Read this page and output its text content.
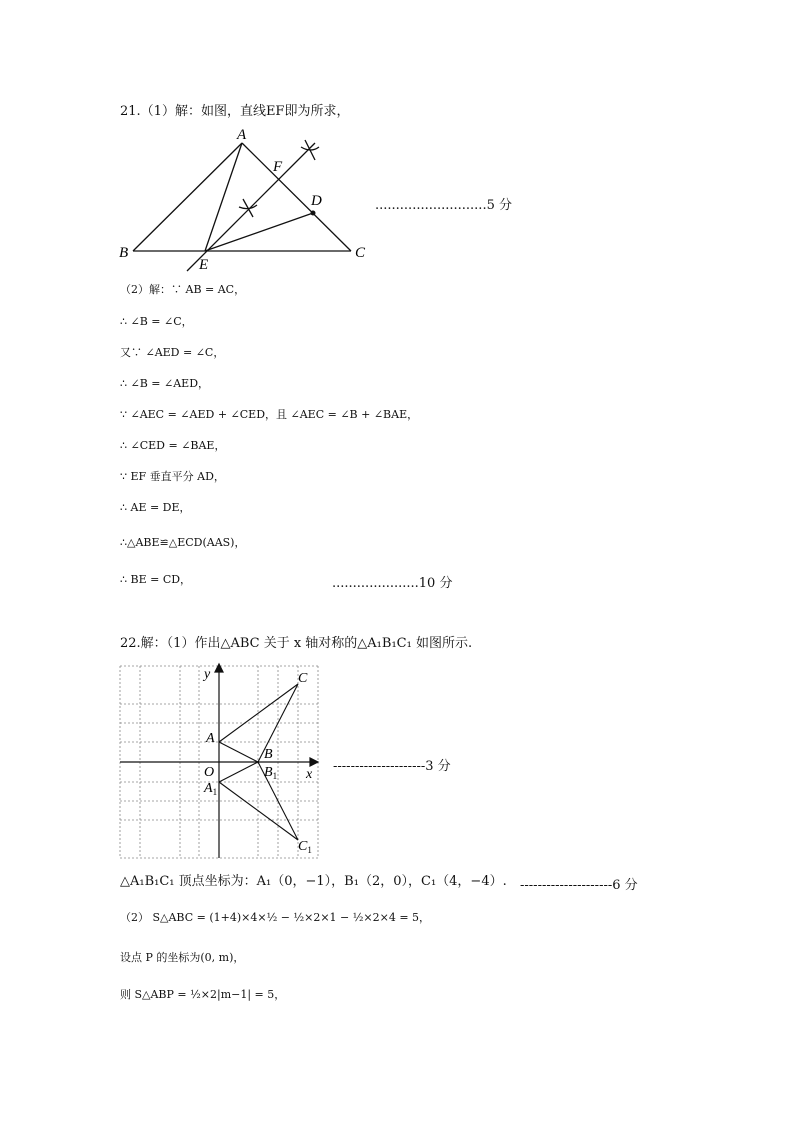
21.（1）解：如图，直线EF即为所求，
A
B	C
D
E
F
...........................5 分
（2）解：∵ AB = AC，
∴ ∠B = ∠C，
又∵ ∠AED = ∠C，
∴ ∠B = ∠AED，
∵ ∠AEC = ∠AED + ∠CED，且 ∠AEC = ∠B + ∠BAE，
∴ ∠CED = ∠BAE，
∵ EF 垂直平分 AD，
∴ AE = DE，
∴△ABE≌△ECD(AAS)，
∴ BE = CD，	.....................10 分
22.解：（1）作出△ABC 关于 x 轴对称的△A₁B₁C₁ 如图所示.
y
x
O
A
B
C
$A_1$
$B_1$
$C_1$
---------------------3 分
△A₁B₁C₁ 顶点坐标为：A₁（0，−1），B₁（2，0），C₁（4，−4）. ---------------------6 分
（2） S△ABC = (1+4)×4×½ − ½×2×1 − ½×2×4 = 5，
设点 P 的坐标为(0, m)，
则 S△ABP = ½×2|m−1| = 5，
